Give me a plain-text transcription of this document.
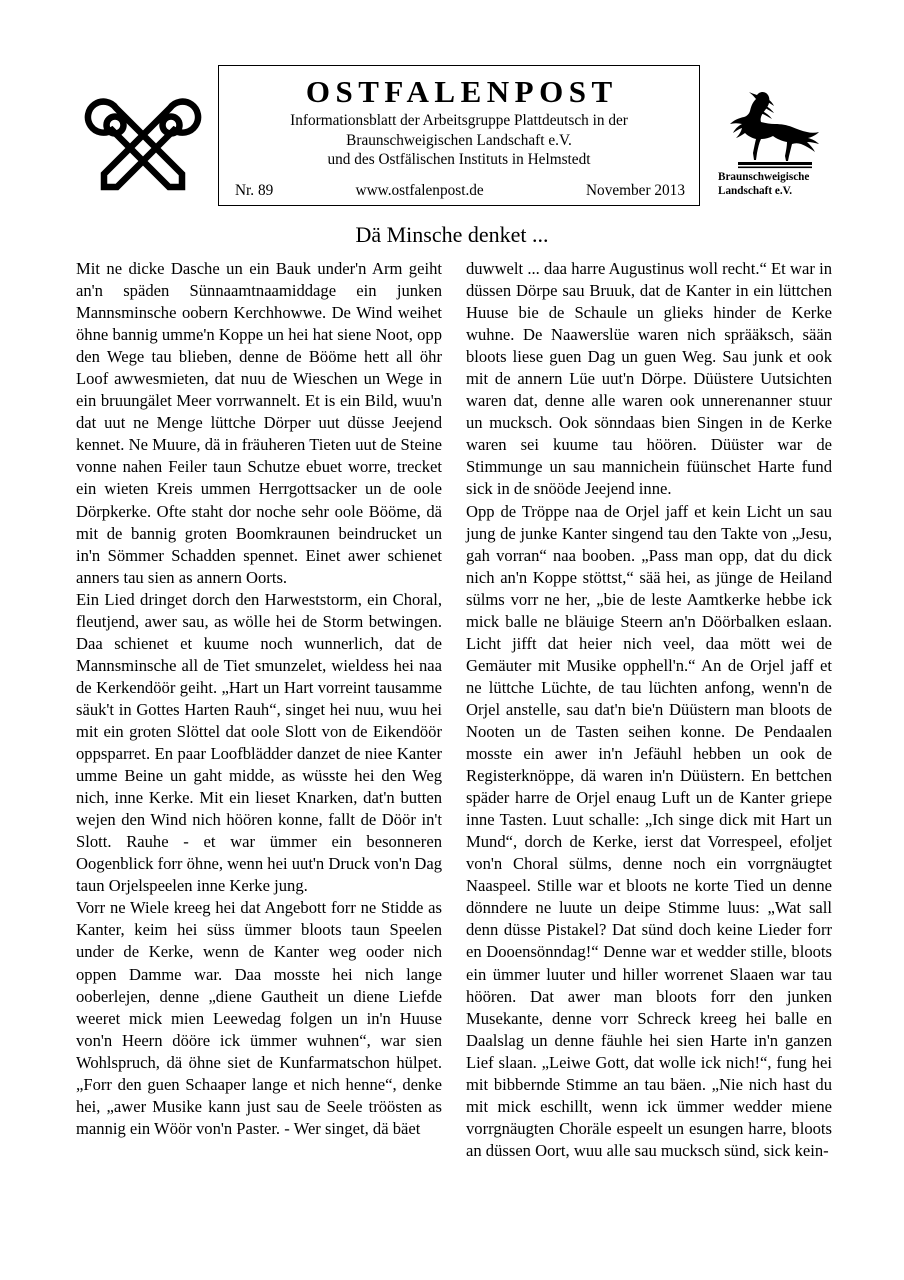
OSTFALENPOST
Informationsblatt der Arbeitsgruppe Plattdeutsch in der
Braunschweigischen Landschaft e.V.
und des Ostfälischen Instituts in Helmstedt
Nr. 89	www.ostfalenpost.de	November 2013
Braunschweigische
Landschaft e.V.
Dä Minsche denket ...

Mit ne dicke Dasche un ein Bauk under'n Arm geiht an'n späden Sünnaamtnaamiddage ein junken Mannsminsche oobern Kerchhowwe. De Wind weihet öhne bannig umme'n Koppe un hei hat siene Noot, opp den Wege tau blieben, denne de Bööme hett all öhr Loof awwesmieten, dat nuu de Wieschen un Wege in ein bruungälet Meer vorrwannelt. Et is ein Bild, wuu'n dat uut ne Menge lüttche Dörper uut düsse Jeejend kennet. Ne Muure, dä in fräuheren Tieten uut de Steine vonne nahen Feiler taun Schutze ebuet worre, trecket ein wieten Kreis ummen Herrgottsacker un de oole Dörpkerke. Ofte staht dor noche sehr oole Bööme, dä mit de bannig groten Boomkraunen beindrucket un in'n Sömmer Schadden spennet. Einet awer schienet anners tau sien as annern Oorts.

Ein Lied dringet dorch den Harweststorm, ein Choral, fleutjend, awer sau, as wölle hei de Storm betwingen. Daa schienet et kuume noch wunnerlich, dat de Mannsminsche all de Tiet smunzelet, wieldess hei naa de Kerkendöör geiht. „Hart un Hart vorreint tausamme säuk't in Gottes Harten Rauh“, singet hei nuu, wuu hei mit ein groten Slöttel dat oole Slott von de Eikendöör oppsparret. En paar Loofblädder danzet de niee Kanter umme Beine un gaht midde, as wüsste hei den Weg nich, inne Kerke. Mit ein lieset Knarken, dat'n butten wejen den Wind nich höören konne, fallt de Döör in't Slott. Rauhe - et war ümmer ein besonneren Oogenblick forr öhne, wenn hei uut'n Druck von'n Dag taun Orjelspeelen inne Kerke jung.

Vorr ne Wiele kreeg hei dat Angebott forr ne Stidde as Kanter, keim hei süss ümmer bloots taun Speelen under de Kerke, wenn de Kanter weg ooder nich oppen Damme war. Daa mosste hei nich lange ooberlejen, denne „diene Gautheit un diene Liefde weeret mick mien Leewedag folgen un in'n Huuse von'n Heern dööre ick ümmer wuhnen“, war sien Wohlspruch, dä öhne siet de Kunfarmatschon hülpet. „Forr den guen Schaaper lange et nich henne“, denke hei, „awer Musike kann just sau de Seele tröösten as mannig ein Wöör von'n Paster. - Wer singet, dä bäet

duwwelt ... daa harre Augustinus woll recht.“ Et war in düssen Dörpe sau Bruuk, dat de Kanter in ein lüttchen Huuse bie de Schaule un glieks hinder de Kerke wuhne. De Naawerslüe waren nich sprääksch, sään bloots liese guen Dag un guen Weg. Sau junk et ook mit de annern Lüe uut'n Dörpe. Düüstere Uutsichten waren dat, denne alle waren ook unnerenanner stuur un mucksch. Ook sönndaas bien Singen in de Kerke waren sei kuume tau höören. Düüster war de Stimmunge un sau mannichein füünschet Harte fund sick in de snööde Jeejend inne.

Opp de Tröppe naa de Orjel jaff et kein Licht un sau jung de junke Kanter singend tau den Takte von „Jesu, gah vorran“ naa booben. „Pass man opp, dat du dick nich an'n Koppe stöttst,“ sää hei, as jünge de Heiland sülms vorr ne her, „bie de leste Aamtkerke hebbe ick mick balle ne bläuige Steern an'n Döörbalken eslaan. Licht jifft dat heier nich veel, daa mött wei de Gemäuter mit Musike opphell'n.“ An de Orjel jaff et ne lüttche Lüchte, de tau lüchten anfong, wenn'n de Orjel anstelle, sau dat'n bie'n Düüstern man bloots de Nooten un de Tasten seihen konne. De Pendaalen mosste ein awer in'n Jefäuhl hebben un ook de Registerknöppe, dä waren in'n Düüstern. En bettchen späder harre de Orjel enaug Luft un de Kanter griepe inne Tasten. Luut schalle: „Ich singe dick mit Hart un Mund“, dorch de Kerke, ierst dat Vorrespeel, efoljet von'n Choral sülms, denne noch ein vorrgnäugtet Naaspeel. Stille war et bloots ne korte Tied un denne dönndere ne luute un deipe Stimme luus: „Wat sall denn düsse Pistakel? Dat sünd doch keine Lieder forr en Dooensönndag!“ Denne war et wedder stille, bloots ein ümmer luuter und hiller worrenet Slaaen war tau höören. Dat awer man bloots forr den junken Musekante, denne vorr Schreck kreeg hei balle en Daalslag un denne fäuhle hei sien Harte in'n ganzen Lief slaan. „Leiwe Gott, dat wolle ick nich!“, fung hei mit bibbernde Stimme an tau bäen. „Nie nich hast du mit mick eschillt, wenn ick ümmer wedder miene vorrgnäugten Choräle espeelt un esungen harre, bloots an düssen Oort, wuu alle sau mucksch sünd, sick kein-
